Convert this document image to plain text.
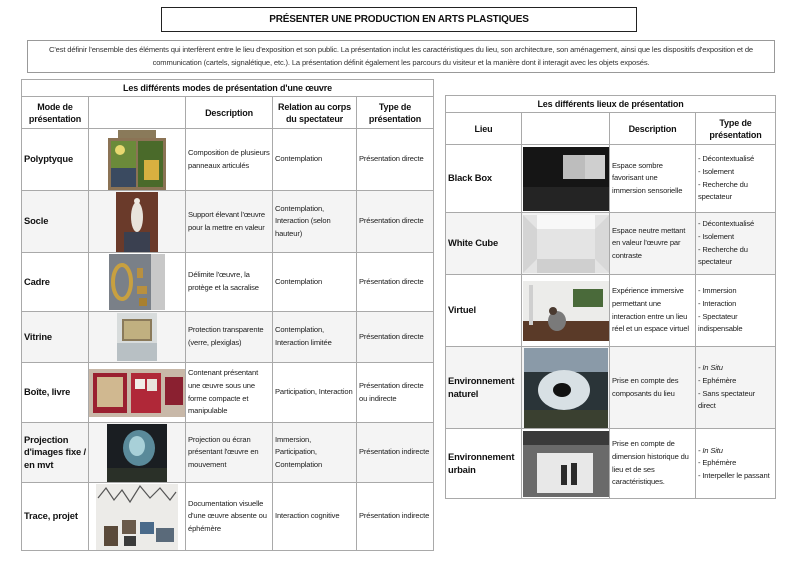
PRÉSENTER UNE PRODUCTION EN ARTS PLASTIQUES
C'est définir l'ensemble des éléments qui interfèrent entre le lieu d'exposition et son public. La présentation inclut les caractéristiques du lieu, son architecture, son aménagement, ainsi que les dispositifs d'exposition et de communication (cartels, signalétique, etc.). La présentation définit également les parcours du visiteur et la manière dont il interagit avec les objets exposés.
Les différents modes de présentation d'une œuvre				
Mode de présentation		Description	Relation au corps du spectateur	Type de présentation
Polyptyque		Composition de plusieurs panneaux articulés	Contemplation	Présentation directe
Socle		Support élevant l'œuvre pour la mettre en valeur	Contemplation, Interaction (selon hauteur)	Présentation directe
Cadre		Délimite l'œuvre, la protège et la sacralise	Contemplation	Présentation directe
Vitrine		Protection transparente (verre, plexiglas)	Contemplation, Interaction limitée	Présentation directe
Boîte, livre		Contenant présentant une œuvre sous une forme compacte et manipulable	Participation, Interaction	Présentation directe ou indirecte
Projection d'images fixe / en mvt		Projection ou écran présentant l'œuvre en mouvement	Immersion, Participation, Contemplation	Présentation indirecte
Trace, projet		Documentation visuelle d'une œuvre absente ou éphémère	Interaction cognitive	Présentation indirecte
Les différents lieux de présentation			
Lieu		Description	Type de présentation
Black Box		Espace sombre favorisant une immersion sensorielle	- Décontextualisé
- Isolement
- Recherche du spectateur

White Cube		Espace neutre mettant en valeur l'œuvre par contraste	- Décontextualisé
- Isolement
- Recherche du spectateur

Virtuel		Expérience immersive permettant une interaction entre un lieu réel et un espace virtuel	- Immersion
- Interaction
- Spectateur indispensable

Environnement naturel		Prise en compte des composants du lieu	- In Situ
- Ephémère
- Sans spectateur direct

Environnement urbain		Prise en compte de dimension historique du lieu et de ses caractéristiques.	- In Situ
- Ephémère
- Interpeller le passant
